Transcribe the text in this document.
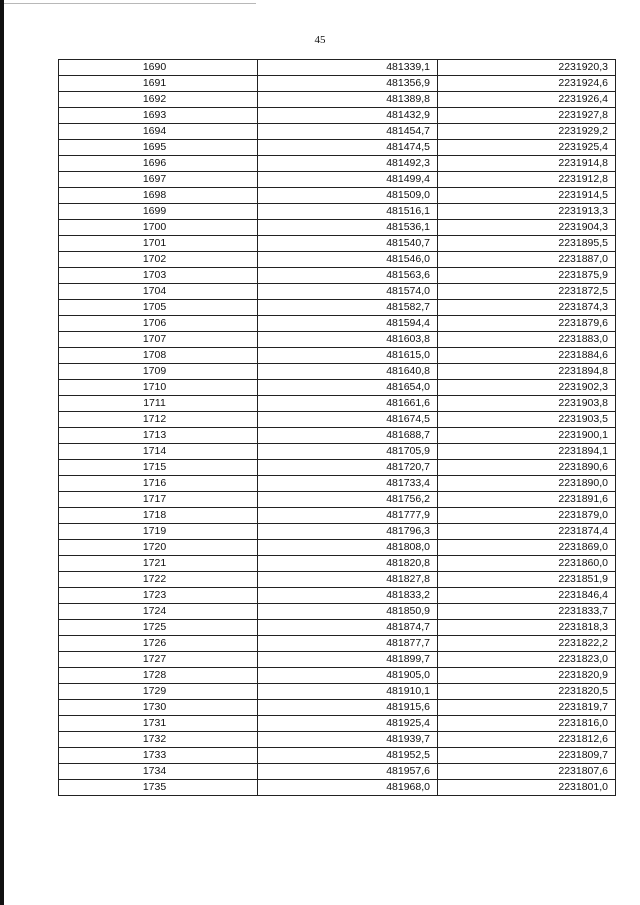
45
1690	481339,1	2231920,3
1691	481356,9	2231924,6
1692	481389,8	2231926,4
1693	481432,9	2231927,8
1694	481454,7	2231929,2
1695	481474,5	2231925,4
1696	481492,3	2231914,8
1697	481499,4	2231912,8
1698	481509,0	2231914,5
1699	481516,1	2231913,3
1700	481536,1	2231904,3
1701	481540,7	2231895,5
1702	481546,0	2231887,0
1703	481563,6	2231875,9
1704	481574,0	2231872,5
1705	481582,7	2231874,3
1706	481594,4	2231879,6
1707	481603,8	2231883,0
1708	481615,0	2231884,6
1709	481640,8	2231894,8
1710	481654,0	2231902,3
1711	481661,6	2231903,8
1712	481674,5	2231903,5
1713	481688,7	2231900,1
1714	481705,9	2231894,1
1715	481720,7	2231890,6
1716	481733,4	2231890,0
1717	481756,2	2231891,6
1718	481777,9	2231879,0
1719	481796,3	2231874,4
1720	481808,0	2231869,0
1721	481820,8	2231860,0
1722	481827,8	2231851,9
1723	481833,2	2231846,4
1724	481850,9	2231833,7
1725	481874,7	2231818,3
1726	481877,7	2231822,2
1727	481899,7	2231823,0
1728	481905,0	2231820,9
1729	481910,1	2231820,5
1730	481915,6	2231819,7
1731	481925,4	2231816,0
1732	481939,7	2231812,6
1733	481952,5	2231809,7
1734	481957,6	2231807,6
1735	481968,0	2231801,0
